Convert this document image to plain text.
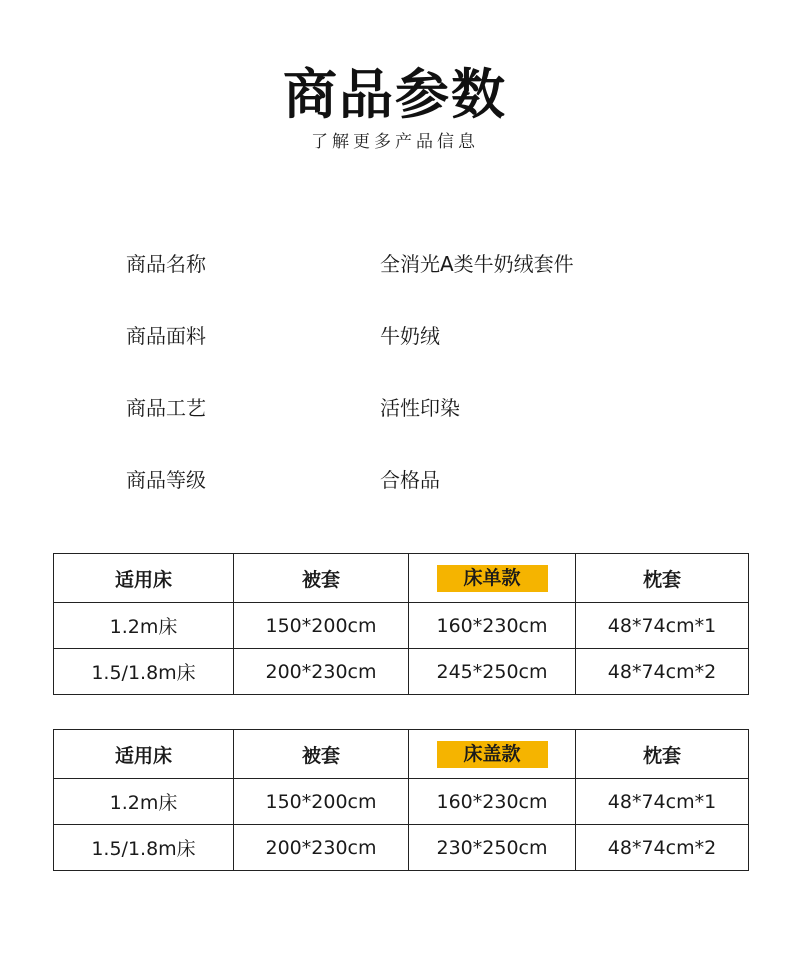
商品参数
了解更多产品信息
商品名称	全消光A类牛奶绒套件
商品面料	牛奶绒
商品工艺	活性印染
商品等级	合格品
适用床	被套	床单款	枕套
1.2m床	150*200cm	160*230cm	48*74cm*1
1.5/1.8m床	200*230cm	245*250cm	48*74cm*2
适用床	被套	床盖款	枕套
1.2m床	150*200cm	160*230cm	48*74cm*1
1.5/1.8m床	200*230cm	230*250cm	48*74cm*2
